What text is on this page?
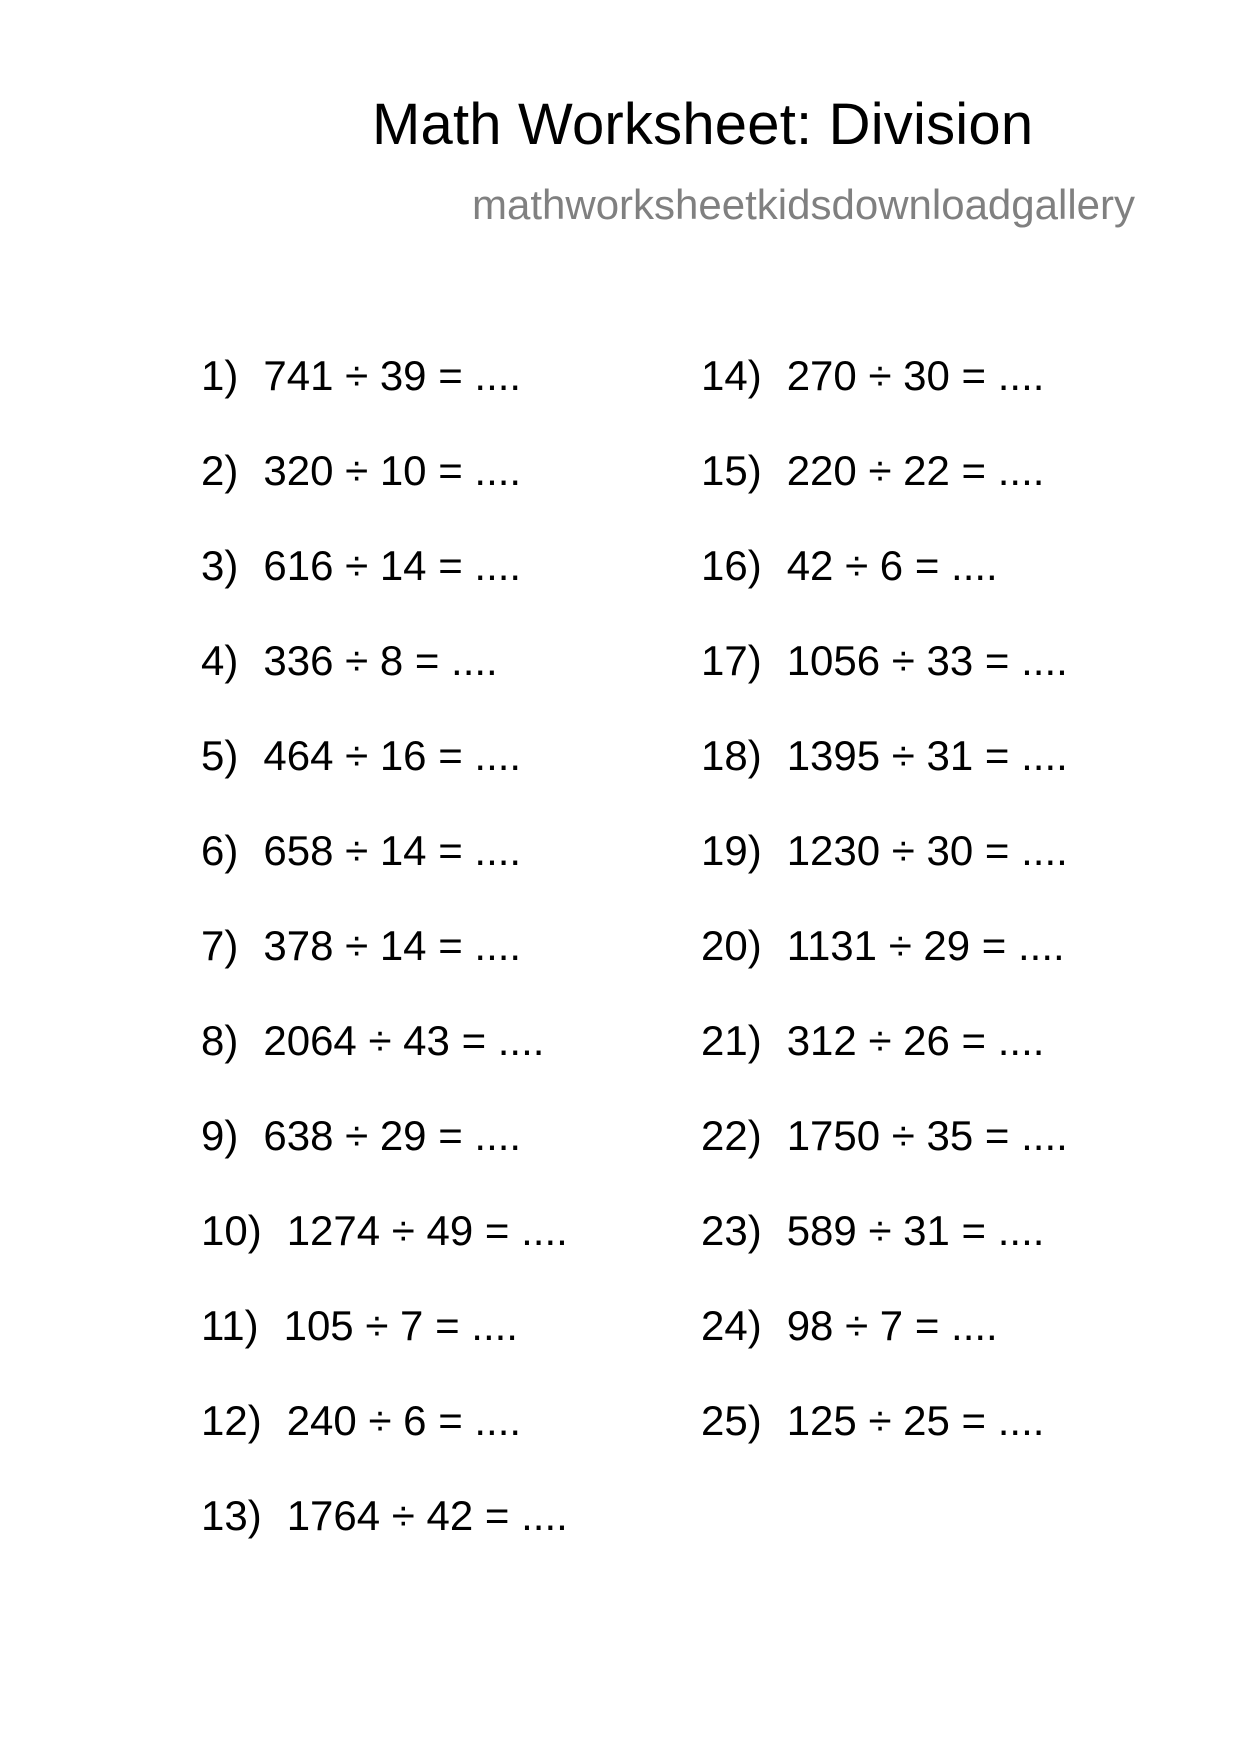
Math Worksheet: Division
mathworksheetkidsdownloadgallery
1) 741 ÷ 39 = ....
2) 320 ÷ 10 = ....
3) 616 ÷ 14 = ....
4) 336 ÷ 8 = ....
5) 464 ÷ 16 = ....
6) 658 ÷ 14 = ....
7) 378 ÷ 14 = ....
8) 2064 ÷ 43 = ....
9) 638 ÷ 29 = ....
10) 1274 ÷ 49 = ....
11) 105 ÷ 7 = ....
12) 240 ÷ 6 = ....
13) 1764 ÷ 42 = ....
14) 270 ÷ 30 = ....
15) 220 ÷ 22 = ....
16) 42 ÷ 6 = ....
17) 1056 ÷ 33 = ....
18) 1395 ÷ 31 = ....
19) 1230 ÷ 30 = ....
20) 1131 ÷ 29 = ....
21) 312 ÷ 26 = ....
22) 1750 ÷ 35 = ....
23) 589 ÷ 31 = ....
24) 98 ÷ 7 = ....
25) 125 ÷ 25 = ....
